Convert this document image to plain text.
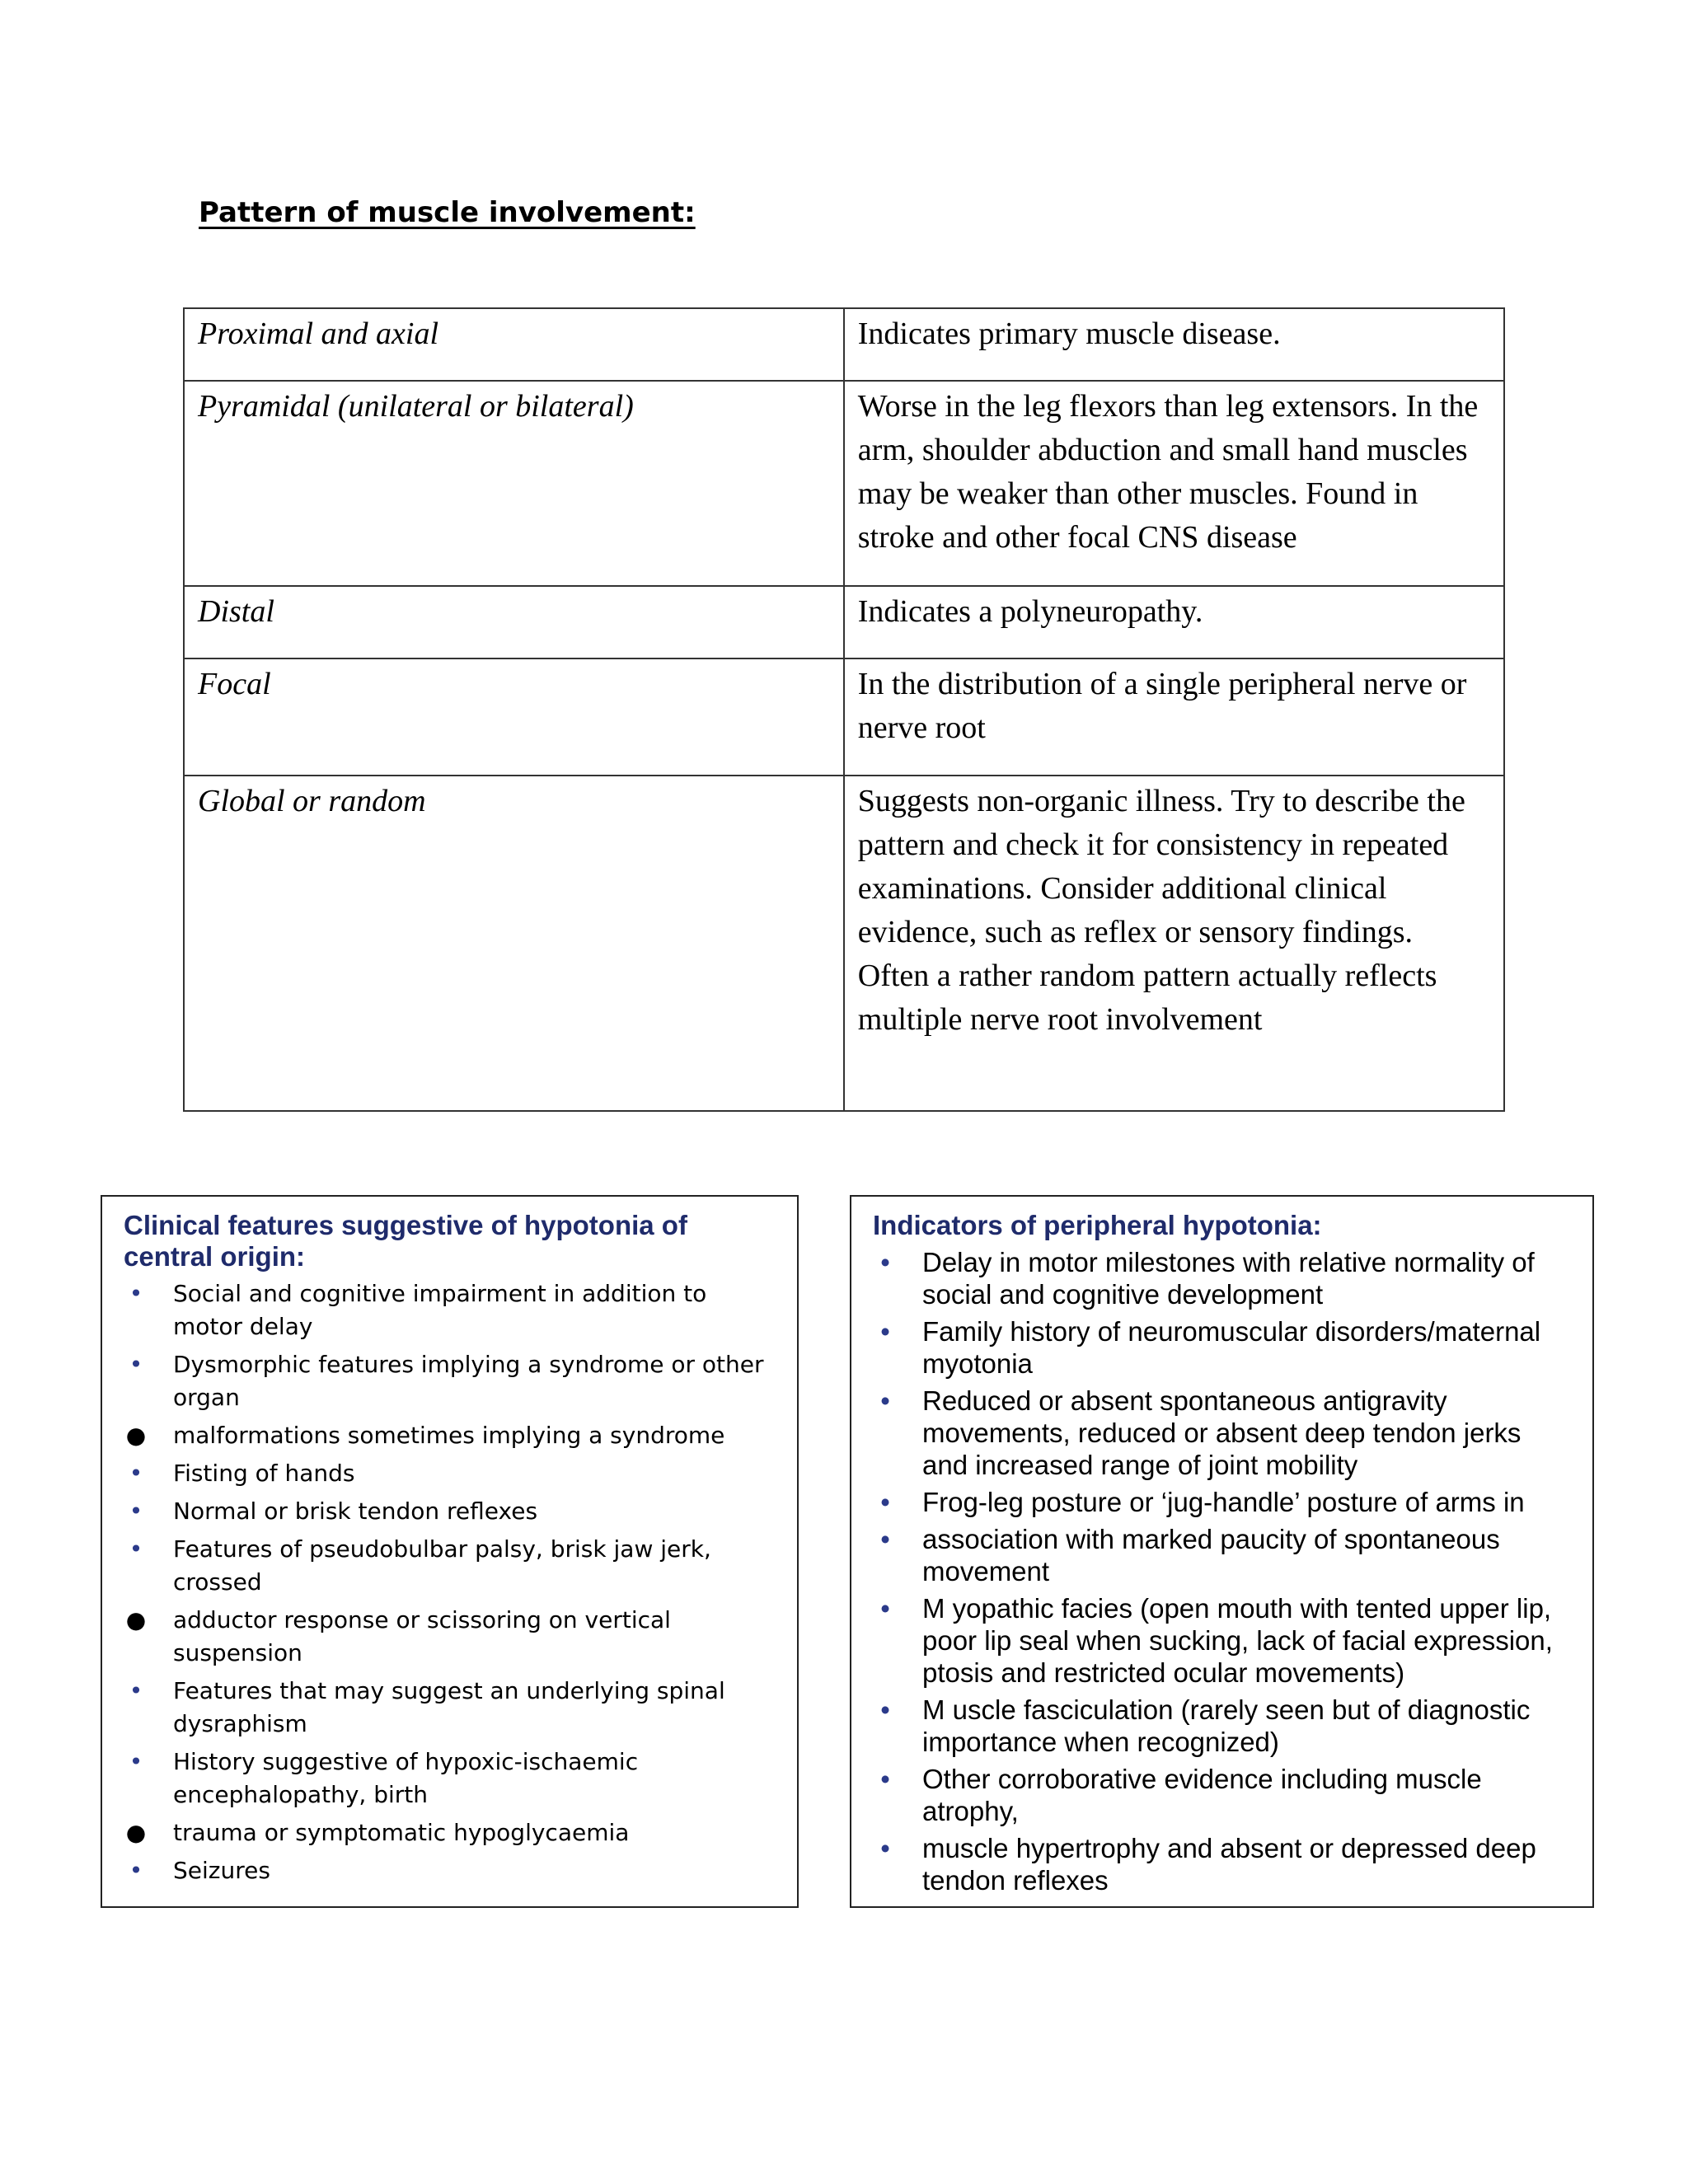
Pattern of muscle involvement:
Proximal and axial	Indicates primary muscle disease.
Pyramidal (unilateral or bilateral)	Worse in the leg flexors than leg extensors. In the arm, shoulder abduction and small hand muscles may be weaker than other muscles. Found in stroke and other focal CNS disease
Distal	Indicates a polyneuropathy.
Focal	In the distribution of a single peripheral nerve or nerve root
Global or random	Suggests non-organic illness. Try to describe the pattern and check it for consistency in repeated examinations. Consider additional clinical evidence, such as reflex or sensory findings. Often a rather random pattern actually reflects multiple nerve root involvement
Clinical features suggestive of hypotonia of central origin:
• Social and cognitive impairment in addition to motor delay
• Dysmorphic features implying a syndrome or other organ
● malformations sometimes implying a syndrome
• Fisting of hands
• Normal or brisk tendon reflexes
• Features of pseudobulbar palsy, brisk jaw jerk, crossed
● adductor response or scissoring on vertical suspension
• Features that may suggest an underlying spinal dysraphism
• History suggestive of hypoxic-ischaemic encephalopathy, birth
● trauma or symptomatic hypoglycaemia
• Seizures
Indicators of peripheral hypotonia:
• Delay in motor milestones with relative normality of social and cognitive development
• Family history of neuromuscular disorders/maternal myotonia
• Reduced or absent spontaneous antigravity movements, reduced or absent deep tendon jerks and increased range of joint mobility
• Frog-leg posture or ‘jug-handle’ posture of arms in
• association with marked paucity of spontaneous movement
• M yopathic facies (open mouth with tented upper lip, poor lip seal when sucking, lack of facial expression, ptosis and restricted ocular movements)
• M uscle fasciculation (rarely seen but of diagnostic importance when recognized)
• Other corroborative evidence including muscle atrophy,
• muscle hypertrophy and absent or depressed deep tendon reflexes
